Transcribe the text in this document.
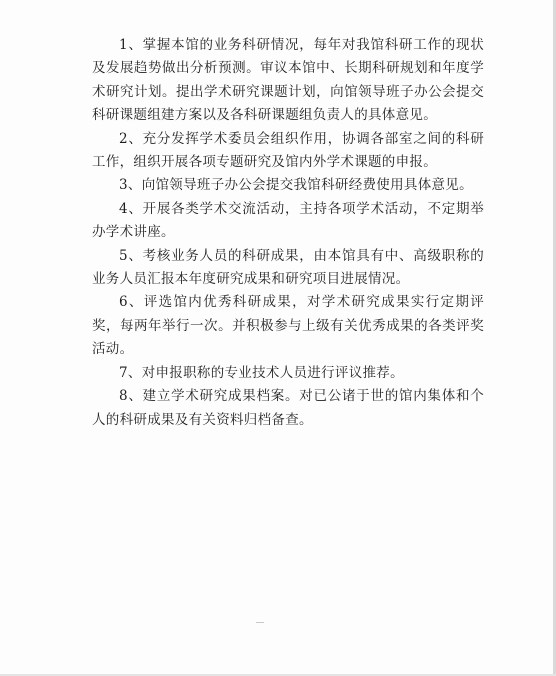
1、掌握本馆的业务科研情况，每年对我馆科研工作的现状及发展趋势做出分析预测。审议本馆中、长期科研规划和年度学术研究计划。提出学术研究课题计划，向馆领导班子办公会提交科研课题组建方案以及各科研课题组负责人的具体意见。

2、充分发挥学术委员会组织作用，协调各部室之间的科研工作，组织开展各项专题研究及馆内外学术课题的申报。

3、向馆领导班子办公会提交我馆科研经费使用具体意见。

4、开展各类学术交流活动，主持各项学术活动，不定期举办学术讲座。

5、考核业务人员的科研成果，由本馆具有中、高级职称的业务人员汇报本年度研究成果和研究项目进展情况。

6、评选馆内优秀科研成果，对学术研究成果实行定期评奖，每两年举行一次。并积极参与上级有关优秀成果的各类评奖活动。

7、对申报职称的专业技术人员进行评议推荐。

8、建立学术研究成果档案。对已公诸于世的馆内集体和个人的科研成果及有关资料归档备查。
